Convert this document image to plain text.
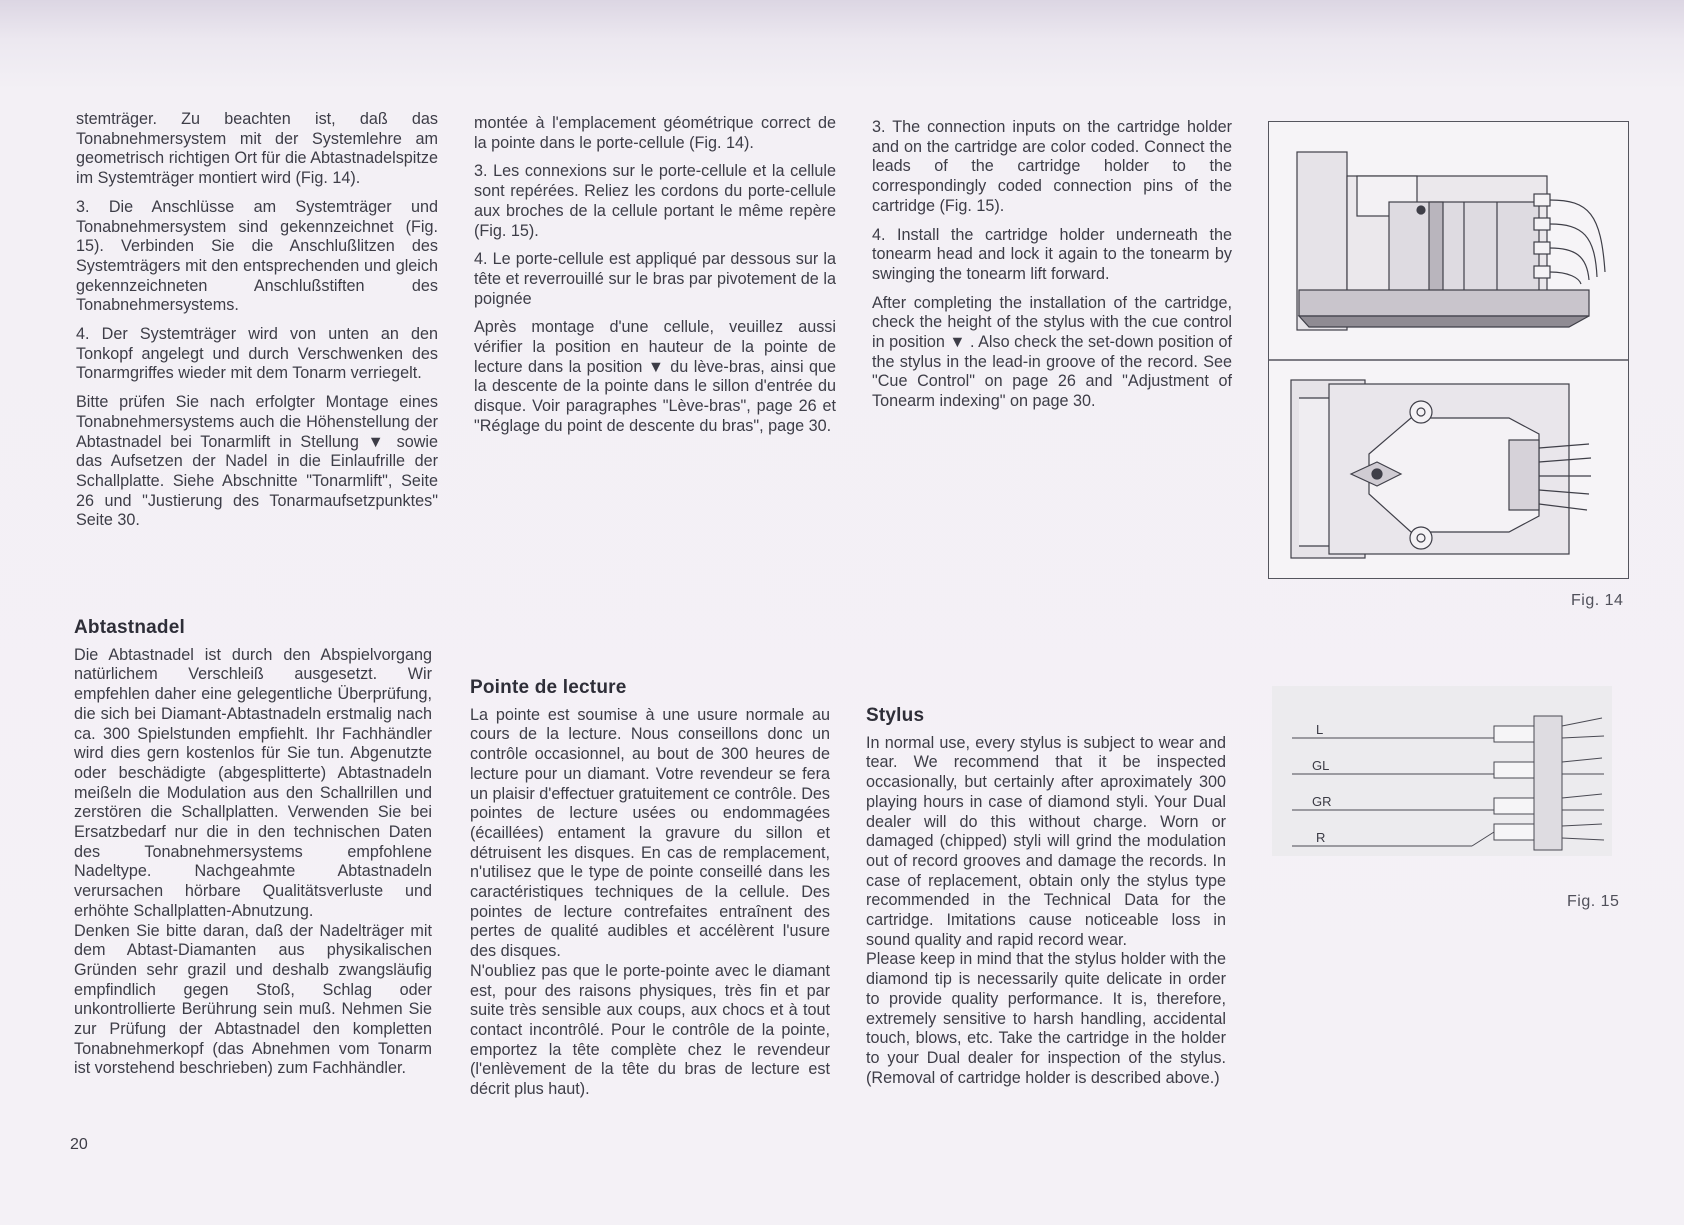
stemträger. Zu beachten ist, daß das Tonabnehmersystem mit der Systemlehre am geometrisch richtigen Ort für die Abtastnadelspitze im Systemträger montiert wird (Fig. 14).

3. Die Anschlüsse am Systemträger und Tonabnehmersystem sind gekennzeichnet (Fig. 15). Verbinden Sie die Anschlußlitzen des Systemträgers mit den entsprechenden und gleich gekennzeichneten Anschlußstiften des Tonabnehmersystems.

4. Der Systemträger wird von unten an den Tonkopf angelegt und durch Verschwenken des Tonarmgriffes wieder mit dem Tonarm verriegelt.

Bitte prüfen Sie nach erfolgter Montage eines Tonabnehmersystems auch die Höhenstellung der Abtastnadel bei Tonarmlift in Stellung ▼ sowie das Aufsetzen der Nadel in die Einlaufrille der Schallplatte. Siehe Abschnitte "Tonarmlift", Seite 26 und "Justierung des Tonarmaufsetzpunktes" Seite 30.

Abtastnadel

Die Abtastnadel ist durch den Abspielvorgang natürlichem Verschleiß ausgesetzt. Wir empfehlen daher eine gelegentliche Überprüfung, die sich bei Diamant-Abtastnadeln erstmalig nach ca. 300 Spielstunden empfiehlt. Ihr Fachhändler wird dies gern kostenlos für Sie tun. Abgenutzte oder beschädigte (abgesplitterte) Abtastnadeln meißeln die Modulation aus den Schallrillen und zerstören die Schallplatten. Verwenden Sie bei Ersatzbedarf nur die in den technischen Daten des Tonabnehmersystems empfohlene Nadeltype. Nachgeahmte Abtastnadeln verursachen hörbare Qualitätsverluste und erhöhte Schallplatten-Abnutzung.

Denken Sie bitte daran, daß der Nadelträger mit dem Abtast-Diamanten aus physikalischen Gründen sehr grazil und deshalb zwangsläufig empfindlich gegen Stoß, Schlag oder unkontrollierte Berührung sein muß. Nehmen Sie zur Prüfung der Abtastnadel den kompletten Tonabnehmerkopf (das Abnehmen vom Tonarm ist vorstehend beschrieben) zum Fachhändler.

montée à l'emplacement géométrique correct de la pointe dans le porte-cellule (Fig. 14).

3. Les connexions sur le porte-cellule et la cellule sont repérées. Reliez les cordons du porte-cellule aux broches de la cellule portant le même repère (Fig. 15).

4. Le porte-cellule est appliqué par dessous sur la tête et reverrouillé sur le bras par pivotement de la poignée

Après montage d'une cellule, veuillez aussi vérifier la position en hauteur de la pointe de lecture dans la position ▼ du lève-bras, ainsi que la descente de la pointe dans le sillon d'entrée du disque. Voir paragraphes "Lève-bras", page 26 et "Réglage du point de descente du bras", page 30.

Pointe de lecture

La pointe est soumise à une usure normale au cours de la lecture. Nous conseillons donc un contrôle occasionnel, au bout de 300 heures de lecture pour un diamant. Votre revendeur se fera un plaisir d'effectuer gratuitement ce contrôle. Des pointes de lecture usées ou endommagées (écaillées) entament la gravure du sillon et détruisent les disques. En cas de remplacement, n'utilisez que le type de pointe conseillé dans les caractéristiques techniques de la cellule. Des pointes de lecture contrefaites entraînent des pertes de qualité audibles et accélèrent l'usure des disques.

N'oubliez pas que le porte-pointe avec le diamant est, pour des raisons physiques, très fin et par suite très sensible aux coups, aux chocs et à tout contact incontrôlé. Pour le contrôle de la pointe, emportez la tête complète chez le revendeur (l'enlèvement de la tête du bras de lecture est décrit plus haut).

3. The connection inputs on the cartridge holder and on the cartridge are color coded. Connect the leads of the cartridge holder to the correspondingly coded connection pins of the cartridge (Fig. 15).

4. Install the cartridge holder underneath the tonearm head and lock it again to the tonearm by swinging the tonearm lift forward.

After completing the installation of the cartridge, check the height of the stylus with the cue control in position ▼ . Also check the set-down position of the stylus in the lead-in groove of the record. See "Cue Control" on page 26 and "Adjustment of Tonearm indexing" on page 30.

Stylus

In normal use, every stylus is subject to wear and tear. We recommend that it be inspected occasionally, but certainly after aproximately 300 playing hours in case of diamond styli. Your Dual dealer will do this without charge. Worn or damaged (chipped) styli will grind the modulation out of record grooves and damage the records. In case of replacement, obtain only the stylus type recommended in the Technical Data for the cartridge. Imitations cause noticeable loss in sound quality and rapid record wear.

Please keep in mind that the stylus holder with the diamond tip is necessarily quite delicate in order to provide quality performance. It is, therefore, extremely sensitive to harsh handling, accidental touch, blows, etc. Take the cartridge in the holder to your Dual dealer for inspection of the stylus. (Removal of cartridge holder is described above.)

20
Fig. 14
L
GL
GR
R
Fig. 15
